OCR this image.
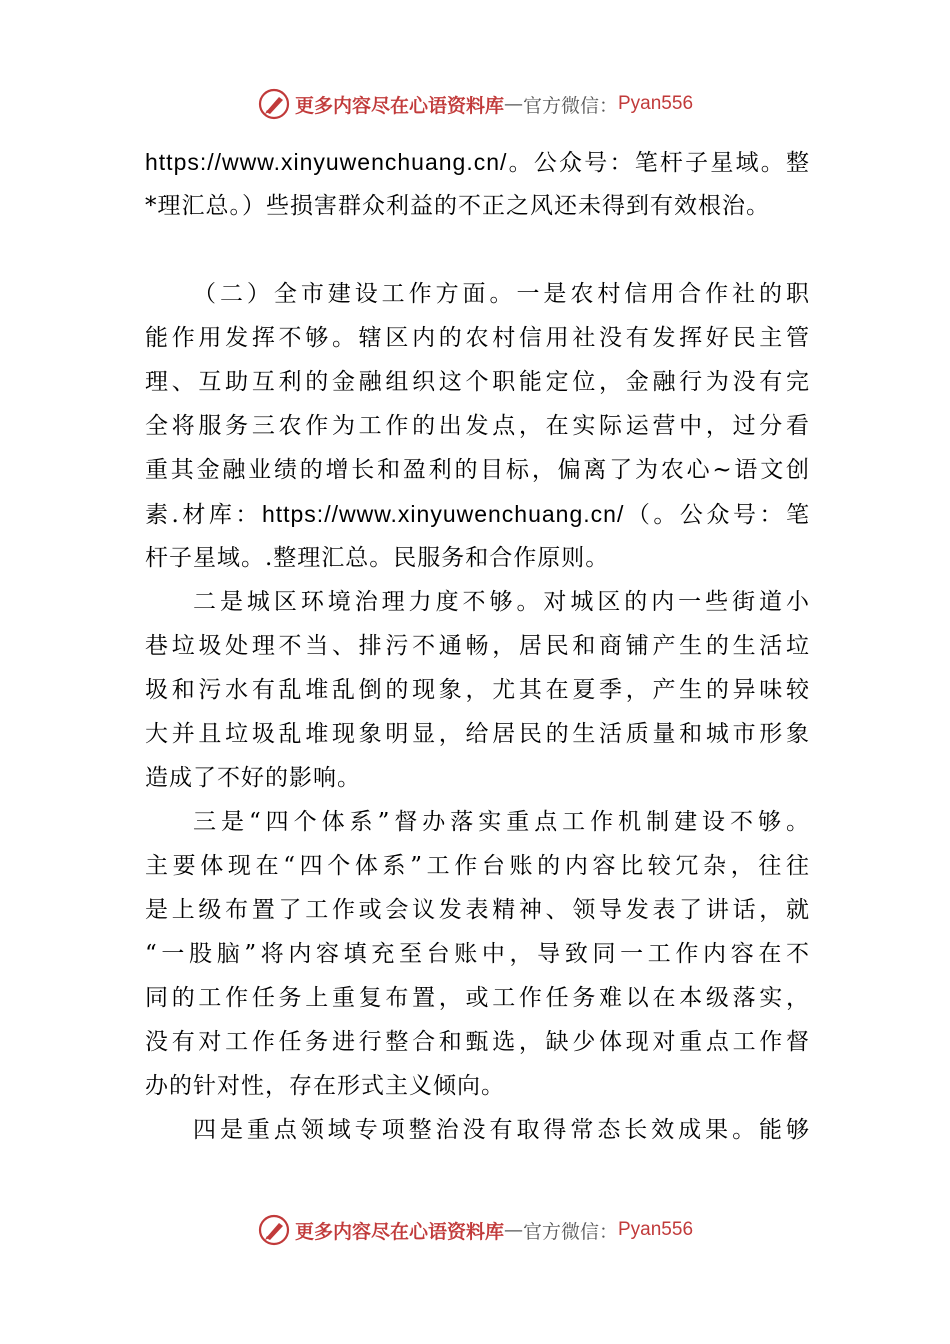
更多内容尽在心语资料库 — 官方微信： Pyan556
https://www.xinyuwenchuang.cn/。公众号：笔杆子星域。整
*理汇总。）些损害群众利益的不正之风还未得到有效根治。
（二）全市建设工作方面。一是农村信用合作社的职
能作用发挥不够。辖区内的农村信用社没有发挥好民主管
理、互助互利的金融组织这个职能定位，金融行为没有完
全将服务三农作为工作的出发点，在实际运营中，过分看
重其金融业绩的增长和盈利的目标，偏离了为农心~语文创
素.材库：https://www.xinyuwenchuang.cn/（。公众号：笔
杆子星域。.整理汇总。民服务和合作原则。
二是城区环境治理力度不够。对城区的内一些街道小
巷垃圾处理不当、排污不通畅，居民和商铺产生的生活垃
圾和污水有乱堆乱倒的现象，尤其在夏季，产生的异味较
大并且垃圾乱堆现象明显，给居民的生活质量和城市形象
造成了不好的影响。
三是“四个体系”督办落实重点工作机制建设不够。
主要体现在“四个体系”工作台账的内容比较冗杂，往往
是上级布置了工作或会议发表精神、领导发表了讲话，就
“一股脑”将内容填充至台账中，导致同一工作内容在不
同的工作任务上重复布置，或工作任务难以在本级落实，
没有对工作任务进行整合和甄选，缺少体现对重点工作督
办的针对性，存在形式主义倾向。
四是重点领域专项整治没有取得常态长效成果。能够
更多内容尽在心语资料库 — 官方微信： Pyan556
